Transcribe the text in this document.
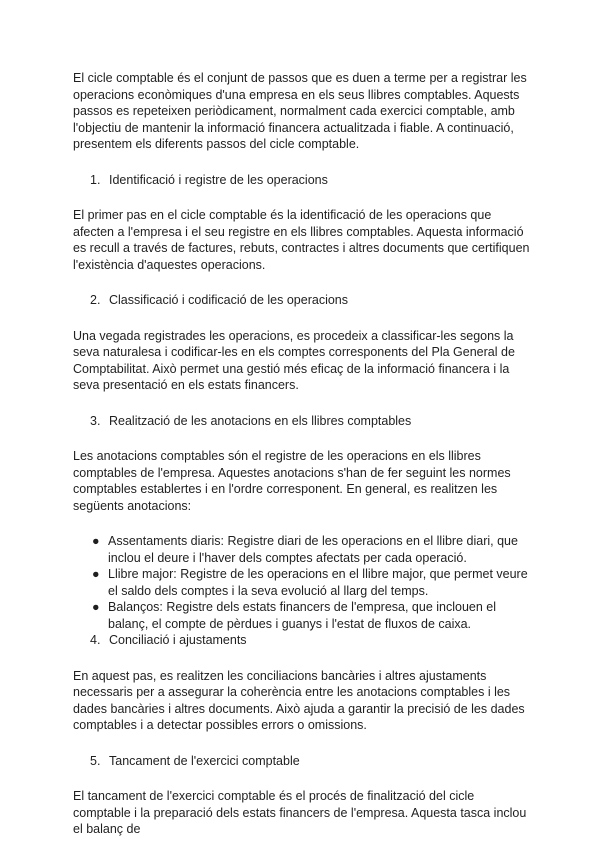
El cicle comptable és el conjunt de passos que es duen a terme per a registrar les operacions econòmiques d'una empresa en els seus llibres comptables. Aquests passos es repeteixen periòdicament, normalment cada exercici comptable, amb l'objectiu de mantenir la informació financera actualitzada i fiable. A continuació, presentem els diferents passos del cicle comptable.

1. Identificació i registre de les operacions

El primer pas en el cicle comptable és la identificació de les operacions que afecten a l'empresa i el seu registre en els llibres comptables. Aquesta informació es recull a través de factures, rebuts, contractes i altres documents que certifiquen l'existència d'aquestes operacions.

2. Classificació i codificació de les operacions

Una vegada registrades les operacions, es procedeix a classificar-les segons la seva naturalesa i codificar-les en els comptes corresponents del Pla General de Comptabilitat. Això permet una gestió més eficaç de la informació financera i la seva presentació en els estats financers.

3. Realització de les anotacions en els llibres comptables

Les anotacions comptables són el registre de les operacions en els llibres comptables de l'empresa. Aquestes anotacions s'han de fer seguint les normes comptables establertes i en l'ordre corresponent. En general, es realitzen les següents anotacions:

● Assentaments diaris: Registre diari de les operacions en el llibre diari, que inclou el deure i l'haver dels comptes afectats per cada operació.
● Llibre major: Registre de les operacions en el llibre major, que permet veure el saldo dels comptes i la seva evolució al llarg del temps.
● Balanços: Registre dels estats financers de l'empresa, que inclouen el balanç, el compte de pèrdues i guanys i l'estat de fluxos de caixa.
4. Conciliació i ajustaments

En aquest pas, es realitzen les conciliacions bancàries i altres ajustaments necessaris per a assegurar la coherència entre les anotacions comptables i les dades bancàries i altres documents. Això ajuda a garantir la precisió de les dades comptables i a detectar possibles errors o omissions.

5. Tancament de l'exercici comptable

El tancament de l'exercici comptable és el procés de finalització del cicle comptable i la preparació dels estats financers de l'empresa. Aquesta tasca inclou el balanç de
